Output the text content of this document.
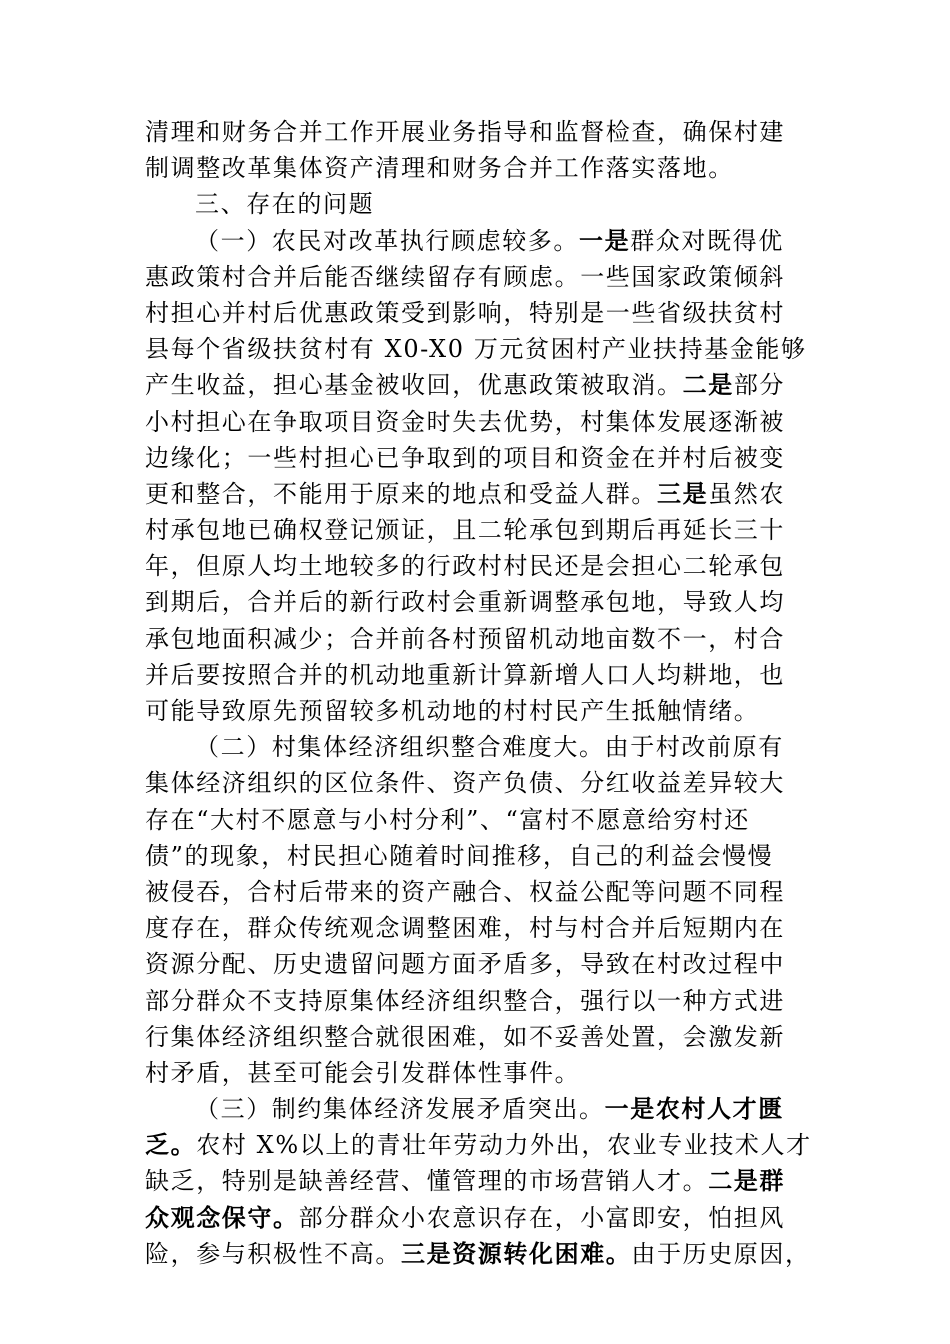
清理和财务合并工作开展业务指导和监督检查，确保村建
制调整改革集体资产清理和财务合并工作落实落地。
三、存在的问题
（一）农民对改革执行顾虑较多。一是群众对既得优
惠政策村合并后能否继续留存有顾虑。一些国家政策倾斜
村担心并村后优惠政策受到影响，特别是一些省级扶贫村
县每个省级扶贫村有 X0-X0 万元贫困村产业扶持基金能够
产生收益，担心基金被收回，优惠政策被取消。二是部分
小村担心在争取项目资金时失去优势，村集体发展逐渐被
边缘化；一些村担心已争取到的项目和资金在并村后被变
更和整合，不能用于原来的地点和受益人群。三是虽然农
村承包地已确权登记颁证，且二轮承包到期后再延长三十
年，但原人均土地较多的行政村村民还是会担心二轮承包
到期后，合并后的新行政村会重新调整承包地，导致人均
承包地面积减少；合并前各村预留机动地亩数不一，村合
并后要按照合并的机动地重新计算新增人口人均耕地，也
可能导致原先预留较多机动地的村村民产生抵触情绪。
（二）村集体经济组织整合难度大。由于村改前原有
集体经济组织的区位条件、资产负债、分红收益差异较大
存在“大村不愿意与小村分利”、“富村不愿意给穷村还
债”的现象，村民担心随着时间推移，自己的利益会慢慢
被侵吞，合村后带来的资产融合、权益公配等问题不同程
度存在，群众传统观念调整困难，村与村合并后短期内在
资源分配、历史遗留问题方面矛盾多，导致在村改过程中
部分群众不支持原集体经济组织整合，强行以一种方式进
行集体经济组织整合就很困难，如不妥善处置，会激发新
村矛盾，甚至可能会引发群体性事件。
（三）制约集体经济发展矛盾突出。一是农村人才匮
乏。农村 X%以上的青壮年劳动力外出，农业专业技术人才
缺乏，特别是缺善经营、懂管理的市场营销人才。二是群
众观念保守。部分群众小农意识存在，小富即安，怕担风
险，参与积极性不高。三是资源转化困难。由于历史原因，
